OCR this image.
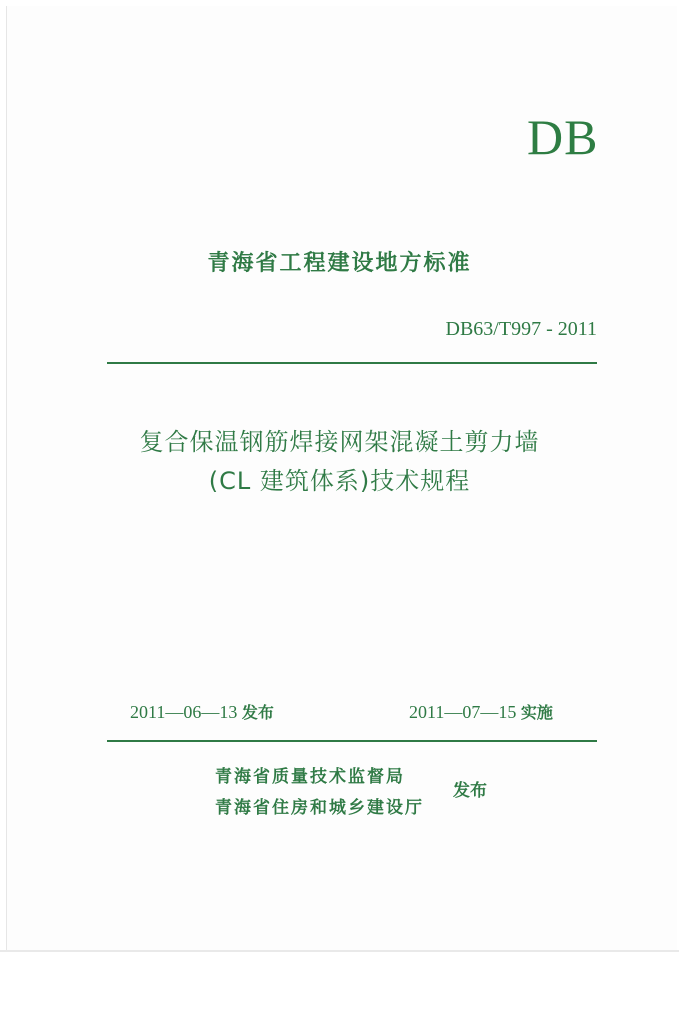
DB
青海省工程建设地方标准
DB63/T997 - 2011
复合保温钢筋焊接网架混凝土剪力墙
(CL 建筑体系)技术规程
2011—06—13 发布	2011—07—15 实施
青海省质量技术监督局
青海省住房和城乡建设厅
发布
